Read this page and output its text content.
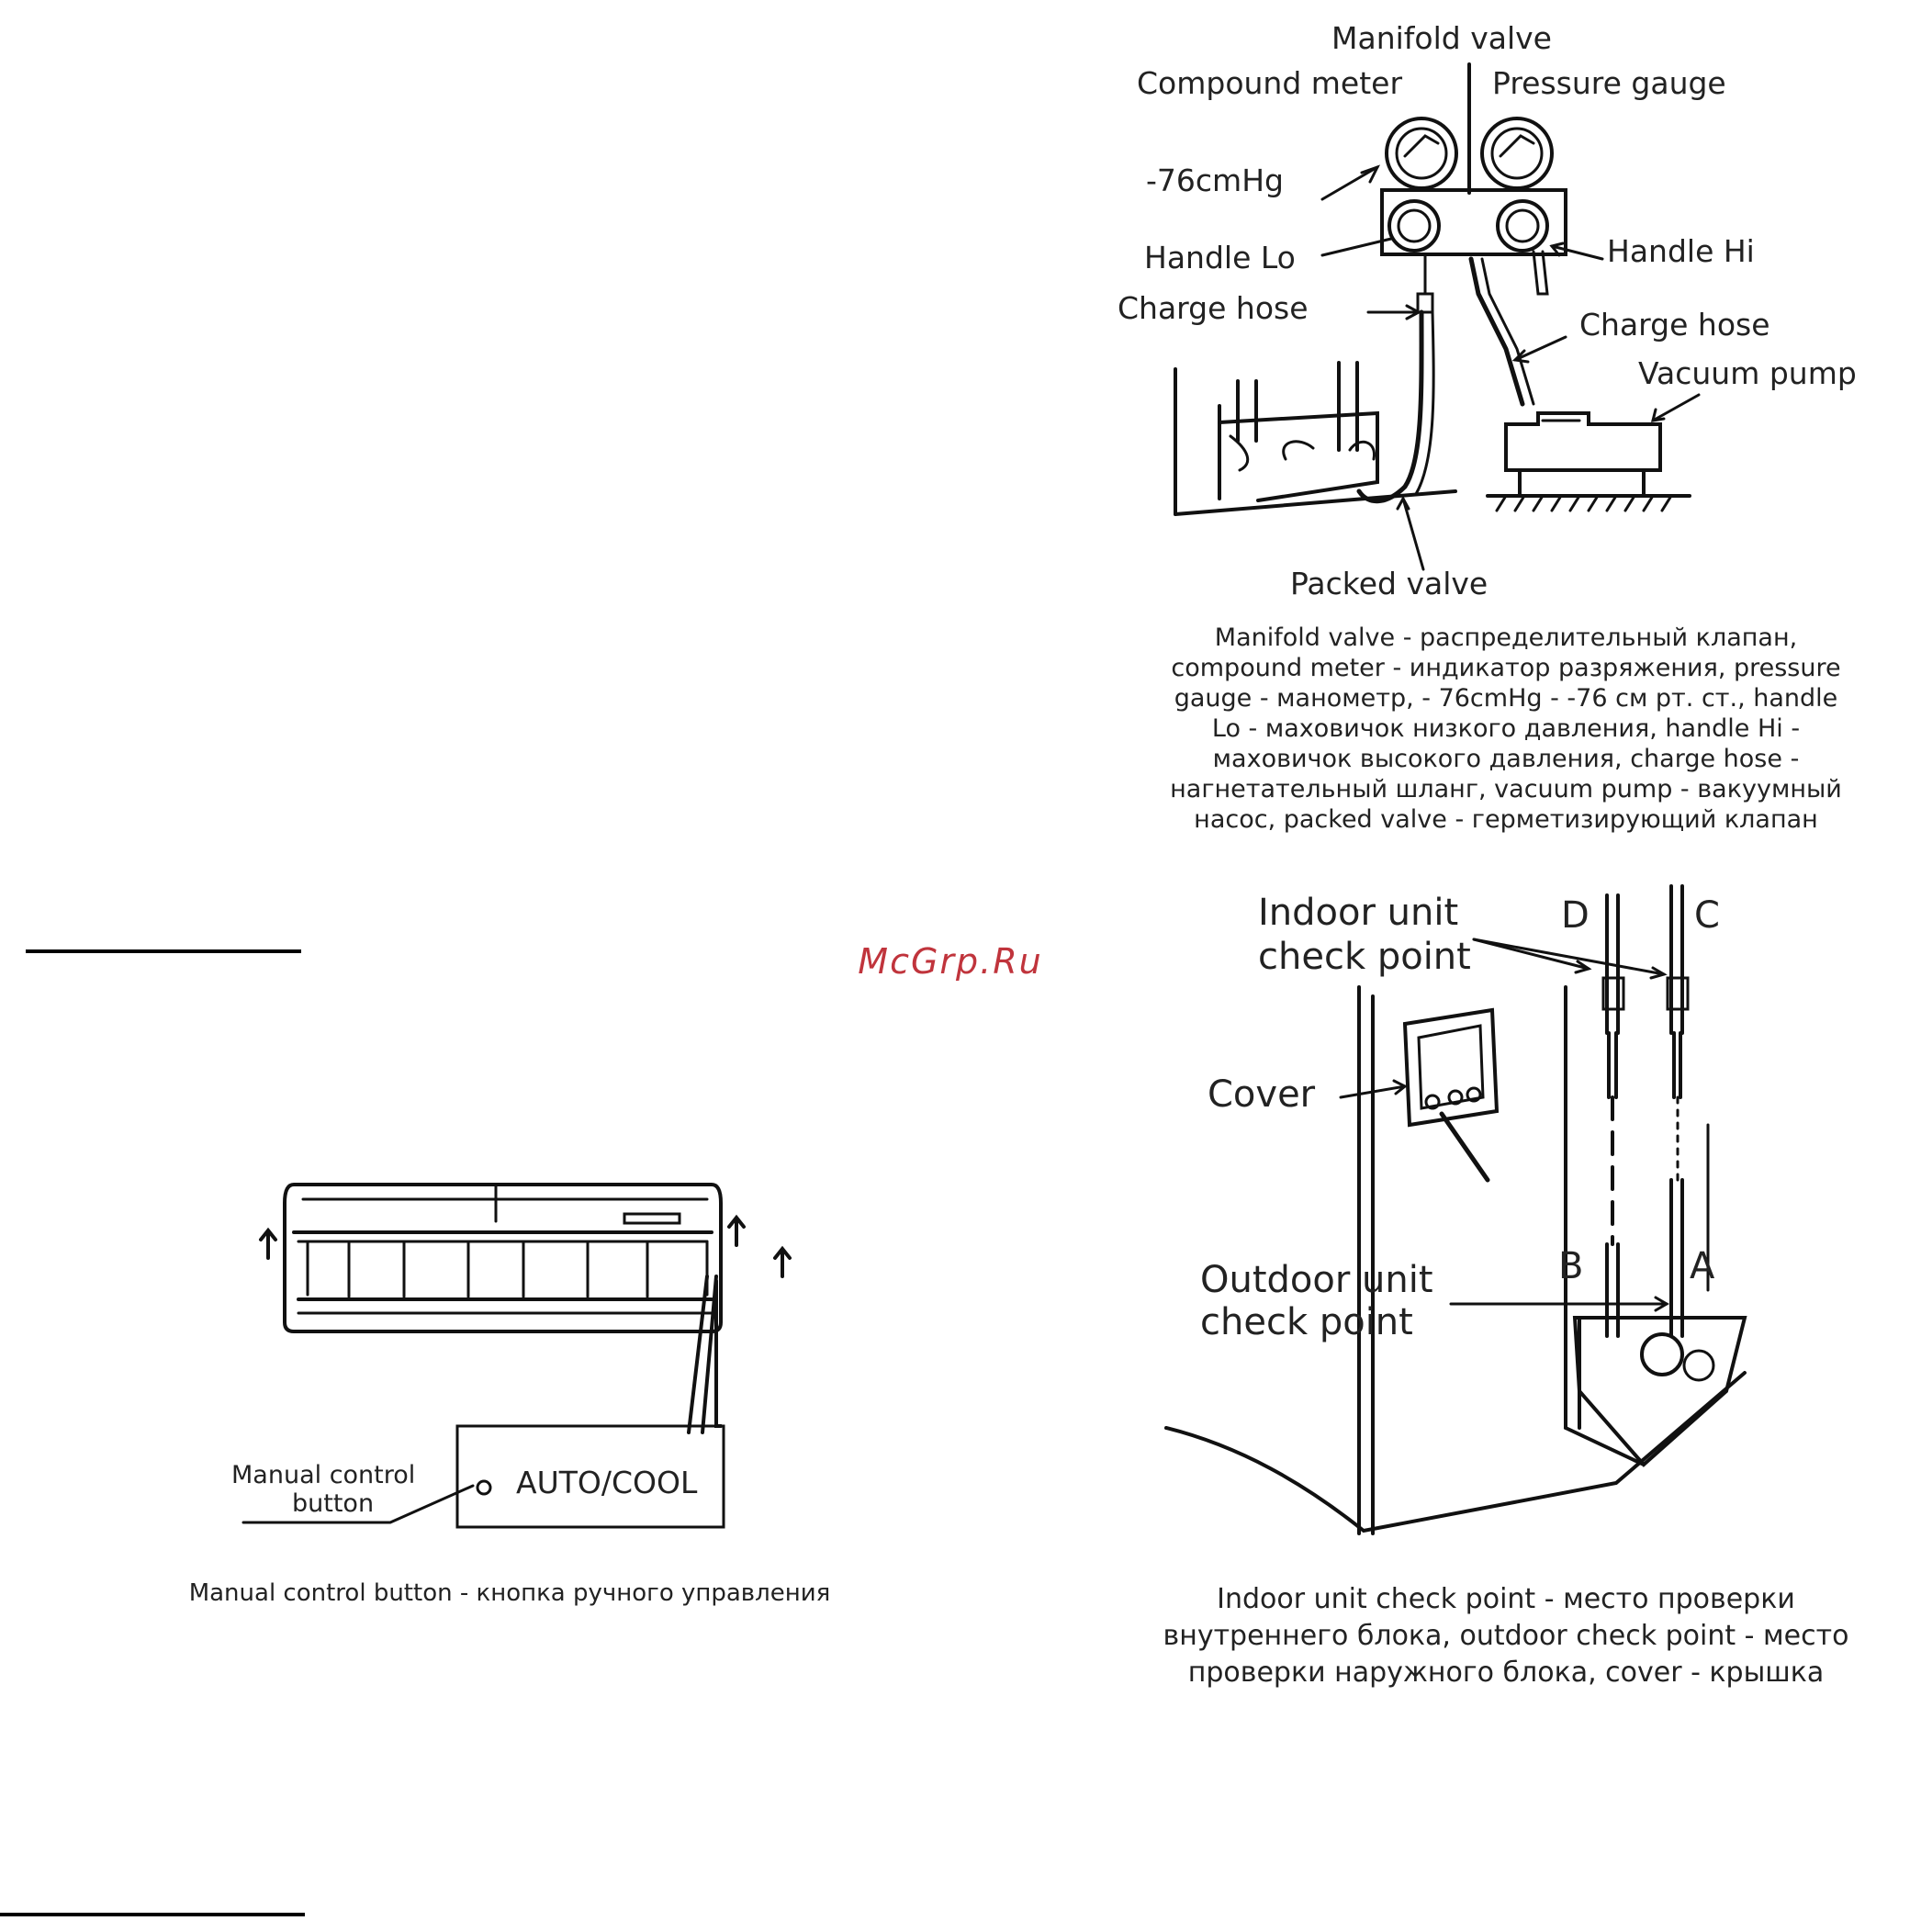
McGrp.Ru
Manifold valve
Compound meter	Pressure gauge
-76cmHg
Handle Lo	Handle Hi
Charge hose	Charge hose
Vacuum pump
Packed valve
Manifold valve - распределительный клапан,
compound meter - индикатор разряжения, pressure
gauge - манометр, - 76cmHg - -76 см рт. ст., handle
Lo - маховичок низкого давления, handle Hi -
маховичок высокого давления, charge hose -
нагнетательный шланг, vacuum pump - вакуумный
насос, packed valve - герметизирующий клапан
Manual control
button
AUTO/COOL
Manual control button - кнопка ручного управления
Indoor unit
check point
D	C
Cover
B	A
Outdoor unit
check point
Indoor unit check point - место проверки
внутреннего блока, outdoor check point - место
проверки наружного блока, cover - крышка
